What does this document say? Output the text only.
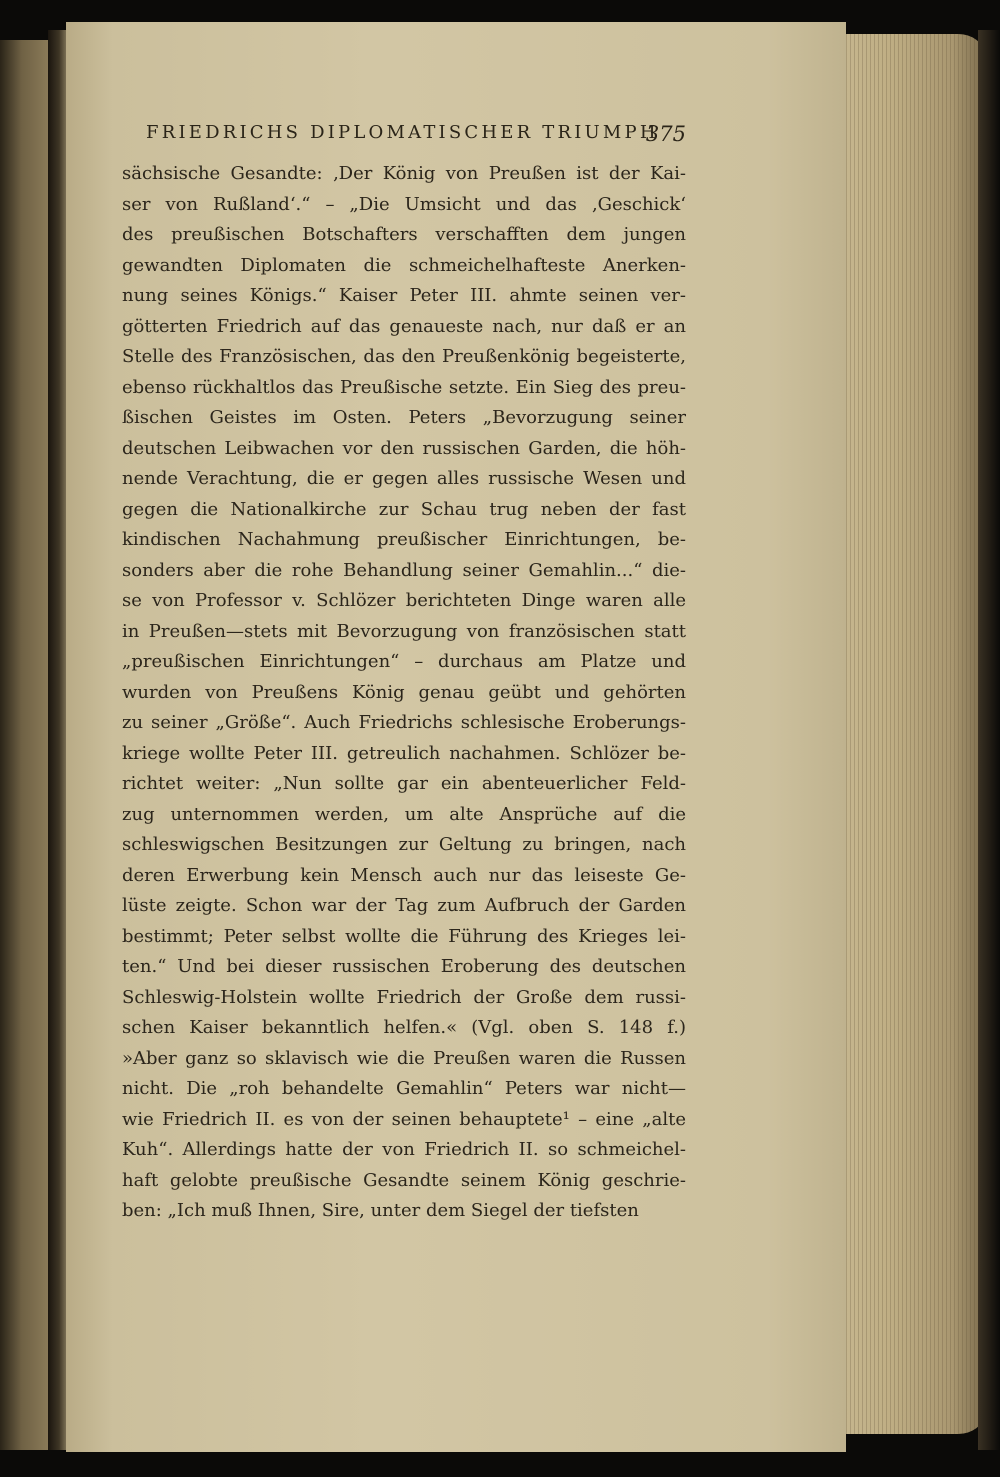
FRIEDRICHS DIPLOMATISCHER TRIUMPH
375
sächsische Gesandte: ‚Der König von Preußen ist der Kai-
ser von Rußland‘.“ – „Die Umsicht und das ‚Geschick‘
des preußischen Botschafters verschafften dem jungen
gewandten Diplomaten die schmeichelhafteste Anerken-
nung seines Königs.“ Kaiser Peter III. ahmte seinen ver-
götterten Friedrich auf das genaueste nach, nur daß er an
Stelle des Französischen, das den Preußenkönig begeisterte,
ebenso rückhaltlos das Preußische setzte. Ein Sieg des preu-
ßischen Geistes im Osten. Peters „Bevorzugung seiner
deutschen Leibwachen vor den russischen Garden, die höh-
nende Verachtung, die er gegen alles russische Wesen und
gegen die Nationalkirche zur Schau trug neben der fast
kindischen Nachahmung preußischer Einrichtungen, be-
sonders aber die rohe Behandlung seiner Gemahlin...“ die-
se von Professor v. Schlözer berichteten Dinge waren alle
in Preußen—stets mit Bevorzugung von französischen statt
„preußischen Einrichtungen“ – durchaus am Platze und
wurden von Preußens König genau geübt und gehörten
zu seiner „Größe“. Auch Friedrichs schlesische Eroberungs-
kriege wollte Peter III. getreulich nachahmen. Schlözer be-
richtet weiter: „Nun sollte gar ein abenteuerlicher Feld-
zug unternommen werden, um alte Ansprüche auf die
schleswigschen Besitzungen zur Geltung zu bringen, nach
deren Erwerbung kein Mensch auch nur das leiseste Ge-
lüste zeigte. Schon war der Tag zum Aufbruch der Garden
bestimmt; Peter selbst wollte die Führung des Krieges lei-
ten.“ Und bei dieser russischen Eroberung des deutschen
Schleswig-Holstein wollte Friedrich der Große dem russi-
schen Kaiser bekanntlich helfen.« (Vgl. oben S. 148 f.)
»Aber ganz so sklavisch wie die Preußen waren die Russen
nicht. Die „roh behandelte Gemahlin“ Peters war nicht—
wie Friedrich II. es von der seinen behauptete¹ – eine „alte
Kuh“. Allerdings hatte der von Friedrich II. so schmeichel-
haft gelobte preußische Gesandte seinem König geschrie-
ben: „Ich muß Ihnen, Sire, unter dem Siegel der tiefsten
